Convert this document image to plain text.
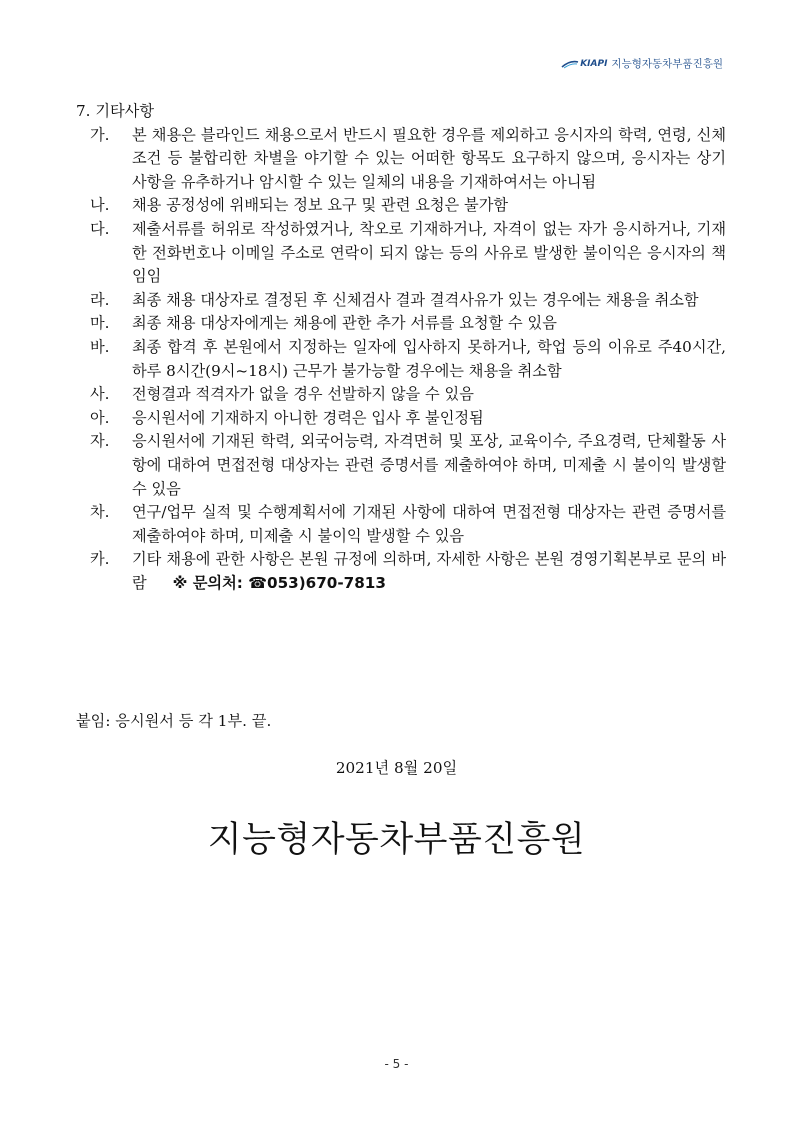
KIAPI 지능형자동차부품진흥원

7. 기타사항

가.	본 채용은 블라인드 채용으로서 반드시 필요한 경우를 제외하고 응시자의 학력, 연령, 신체조건 등 불합리한 차별을 야기할 수 있는 어떠한 항목도 요구하지 않으며, 응시자는 상기 사항을 유추하거나 암시할 수 있는 일체의 내용을 기재하여서는 아니됨
나.	채용 공정성에 위배되는 정보 요구 및 관련 요청은 불가함
다.	제출서류를 허위로 작성하였거나, 착오로 기재하거나, 자격이 없는 자가 응시하거나, 기재한 전화번호나 이메일 주소로 연락이 되지 않는 등의 사유로 발생한 불이익은 응시자의 책임임
라.	최종 채용 대상자로 결정된 후 신체검사 결과 결격사유가 있는 경우에는 채용을 취소함
마.	최종 채용 대상자에게는 채용에 관한 추가 서류를 요청할 수 있음
바.	최종 합격 후 본원에서 지정하는 일자에 입사하지 못하거나, 학업 등의 이유로 주40시간, 하루 8시간(9시~18시) 근무가 불가능할 경우에는 채용을 취소함
사.	전형결과 적격자가 없을 경우 선발하지 않을 수 있음
아.	응시원서에 기재하지 아니한 경력은 입사 후 불인정됨
자.	응시원서에 기재된 학력, 외국어능력, 자격면허 및 포상, 교육이수, 주요경력, 단체활동 사항에 대하여 면접전형 대상자는 관련 증명서를 제출하여야 하며, 미제출 시 불이익 발생할 수 있음
차.	연구/업무 실적 및 수행계획서에 기재된 사항에 대하여 면접전형 대상자는 관련 증명서를 제출하여야 하며, 미제출 시 불이익 발생할 수 있음
카.	기타 채용에 관한 사항은 본원 규정에 의하며, 자세한 사항은 본원 경영기획본부로 문의 바람 ※ 문의처: ☎053)670-7813
붙임: 응시원서 등 각 1부. 끝.
2021년 8월 20일
지능형자동차부품진흥원
- 5 -
